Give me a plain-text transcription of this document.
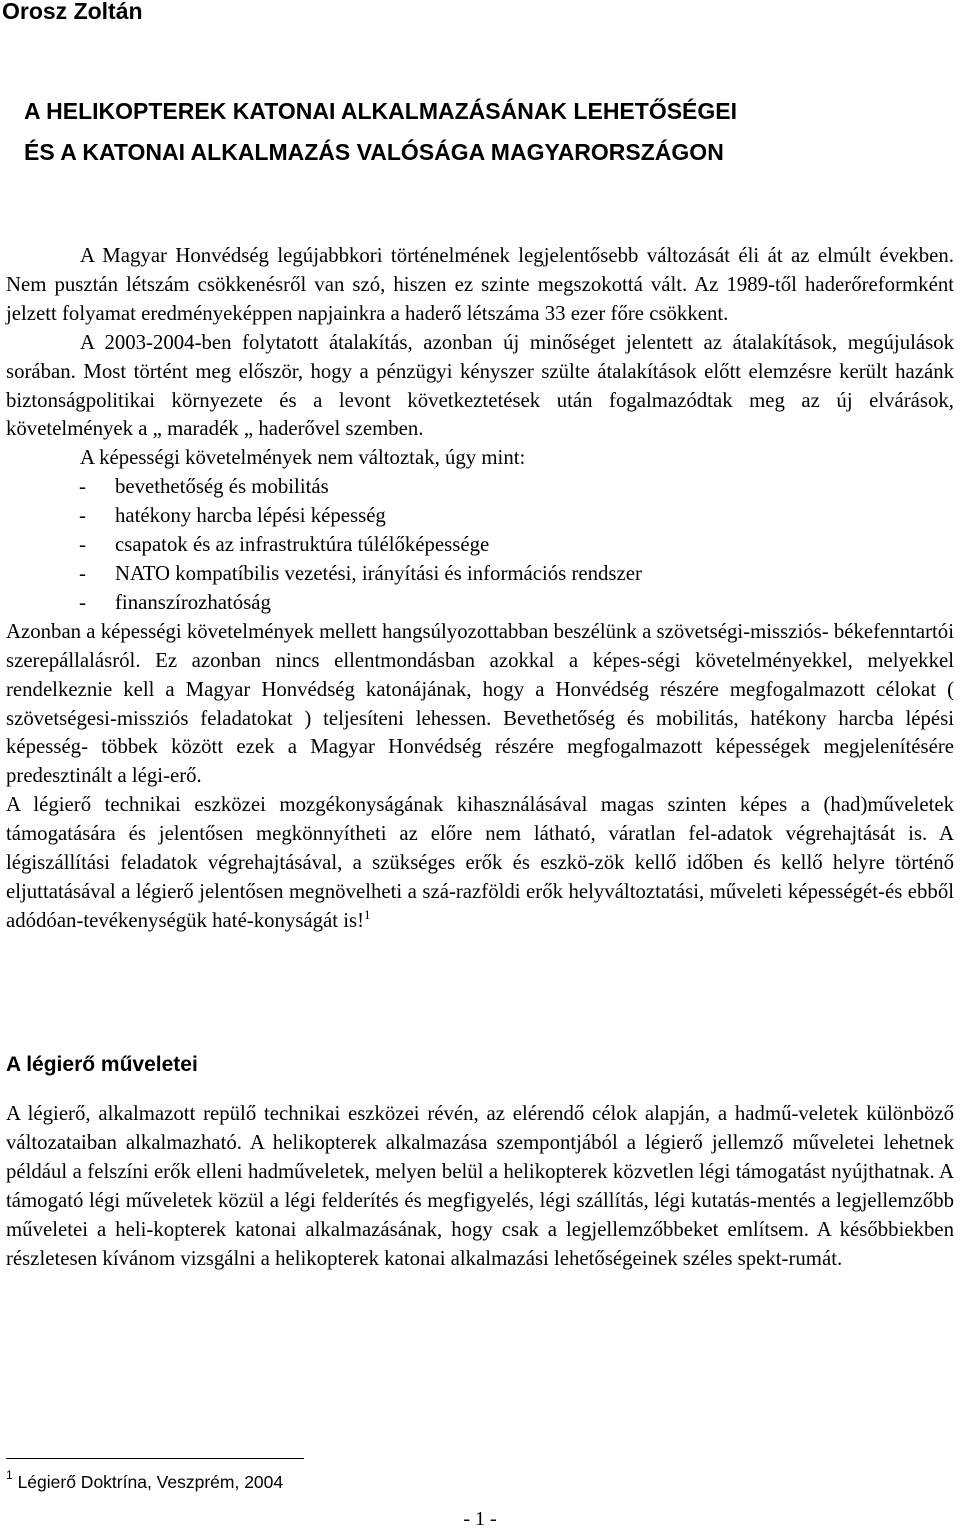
Orosz Zoltán
A HELIKOPTEREK KATONAI ALKALMAZÁSÁNAK LEHETŐSÉGEI
ÉS A KATONAI ALKALMAZÁS VALÓSÁGA MAGYARORSZÁGON

A Magyar Honvédség legújabbkori történelmének legjelentősebb változását éli át az elmúlt években. Nem pusztán létszám csökkenésről van szó, hiszen ez szinte megszokottá vált. Az 1989-től haderőreformként jelzett folyamat eredményeképpen napjainkra a haderő létszáma 33 ezer főre csökkent.

A 2003-2004-ben folytatott átalakítás, azonban új minőséget jelentett az átalakítások, megújulások sorában. Most történt meg először, hogy a pénzügyi kényszer szülte átalakítások előtt elemzésre került hazánk biztonságpolitikai környezete és a levont következtetések után fogalmazódtak meg az új elvárások, követelmények a „ maradék „ haderővel szemben.

A képességi követelmények nem változtak, úgy mint:

- bevethetőség és mobilitás
- hatékony harcba lépési képesség
- csapatok és az infrastruktúra túlélőképessége
- NATO kompatíbilis vezetési, irányítási és információs rendszer
- finanszírozhatóság

Azonban a képességi követelmények mellett hangsúlyozottabban beszélünk a szövetségi-missziós- békefenntartói szerepállalásról. Ez azonban nincs ellentmondásban azokkal a képes-ségi követelményekkel, melyekkel rendelkeznie kell a Magyar Honvédség katonájának, hogy a Honvédség részére megfogalmazott célokat ( szövetségesi-missziós feladatokat ) teljesíteni lehessen. Bevethetőség és mobilitás, hatékony harcba lépési képesség- többek között ezek a Magyar Honvédség részére megfogalmazott képességek megjelenítésére predesztinált a légi-erő.

A légierő technikai eszközei mozgékonyságának kihasználásával magas szinten képes a (had)műveletek támogatására és jelentősen megkönnyítheti az előre nem látható, váratlan fel-adatok végrehajtását is. A légiszállítási feladatok végrehajtásával, a szükséges erők és eszkö-zök kellő időben és kellő helyre történő eljuttatásával a légierő jelentősen megnövelheti a szá-razföldi erők helyváltoztatási, műveleti képességét-és ebből adódóan-tevékenységük haté-konyságát is!$^1$

A légierő műveletei

A légierő, alkalmazott repülő technikai eszközei révén, az elérendő célok alapján, a hadmű-veletek különböző változataiban alkalmazható. A helikopterek alkalmazása szempontjából a légierő jellemző műveletei lehetnek például a felszíni erők elleni hadműveletek, melyen belül a helikopterek közvetlen légi támogatást nyújthatnak. A támogató légi műveletek közül a légi felderítés és megfigyelés, légi szállítás, légi kutatás-mentés a legjellemzőbb műveletei a heli-kopterek katonai alkalmazásának, hogy csak a legjellemzőbbeket említsem. A későbbiekben részletesen kívánom vizsgálni a helikopterek katonai alkalmazási lehetőségeinek széles spekt-rumát.

$^1$ Légierő Doktrína, Veszprém, 2004
- 1 -
